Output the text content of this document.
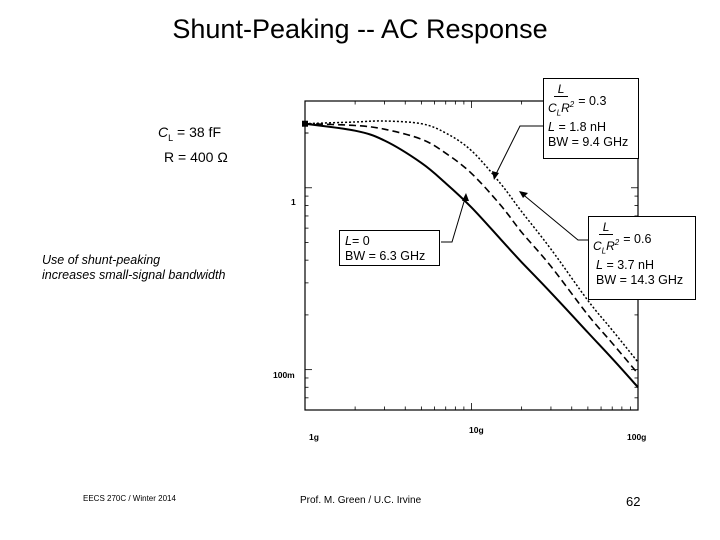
Shunt-Peaking -- AC Response
$C_L = 38$ fF
R = 400 Ω
Use of shunt-peaking
increases small-signal bandwidth
1
100m
1g
10g
100g
$\frac{L}{C_LR^2} = 0.3$
L = 1.8 nH
BW = 9.4 GHz
L= 0
BW = 6.3 GHz	$\frac{L}{C_LR^2} = 0.6$
L = 3.7 nH
BW = 14.3 GHz
EECS 270C / Winter 2014	Prof. M. Green / U.C. Irvine	62
